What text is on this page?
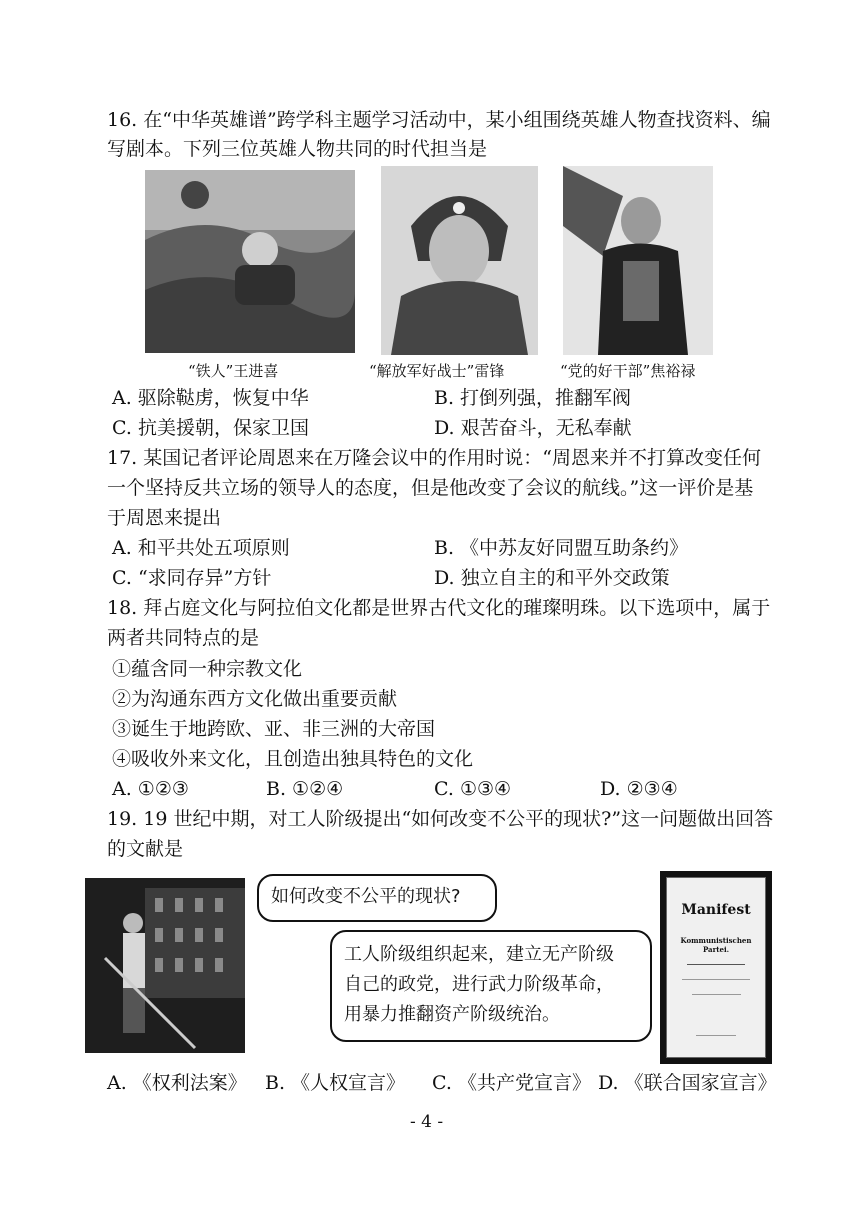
16. 在“中华英雄谱”跨学科主题学习活动中，某小组围绕英雄人物查找资料、编
写剧本。下列三位英雄人物共同的时代担当是
“铁人”王进喜	“解放军好战士”雷锋	“党的好干部”焦裕禄
A. 驱除鞑虏，恢复中华	B. 打倒列强，推翻军阀
C. 抗美援朝，保家卫国	D. 艰苦奋斗，无私奉献
17. 某国记者评论周恩来在万隆会议中的作用时说：“周恩来并不打算改变任何
一个坚持反共立场的领导人的态度，但是他改变了会议的航线。”这一评价是基
于周恩来提出
A. 和平共处五项原则	B. 《中苏友好同盟互助条约》
C. “求同存异”方针	D. 独立自主的和平外交政策
18. 拜占庭文化与阿拉伯文化都是世界古代文化的璀璨明珠。以下选项中，属于
两者共同特点的是
①蕴含同一种宗教文化
②为沟通东西方文化做出重要贡献
③诞生于地跨欧、亚、非三洲的大帝国
④吸收外来文化，且创造出独具特色的文化
A. ①②③	B. ①②④	C. ①③④	D. ②③④
19. 19 世纪中期，对工人阶级提出“如何改变不公平的现状?”这一问题做出回答
的文献是
如何改变不公平的现状?
工人阶级组织起来，建立无产阶级
自己的政党，进行武力阶级革命，
用暴力推翻资产阶级统治。
Manifest
Kommunistischen Partei.
A. 《权利法案》 B. 《人权宣言》 C. 《共产党宣言》 D. 《联合国家宣言》
- 4 -
